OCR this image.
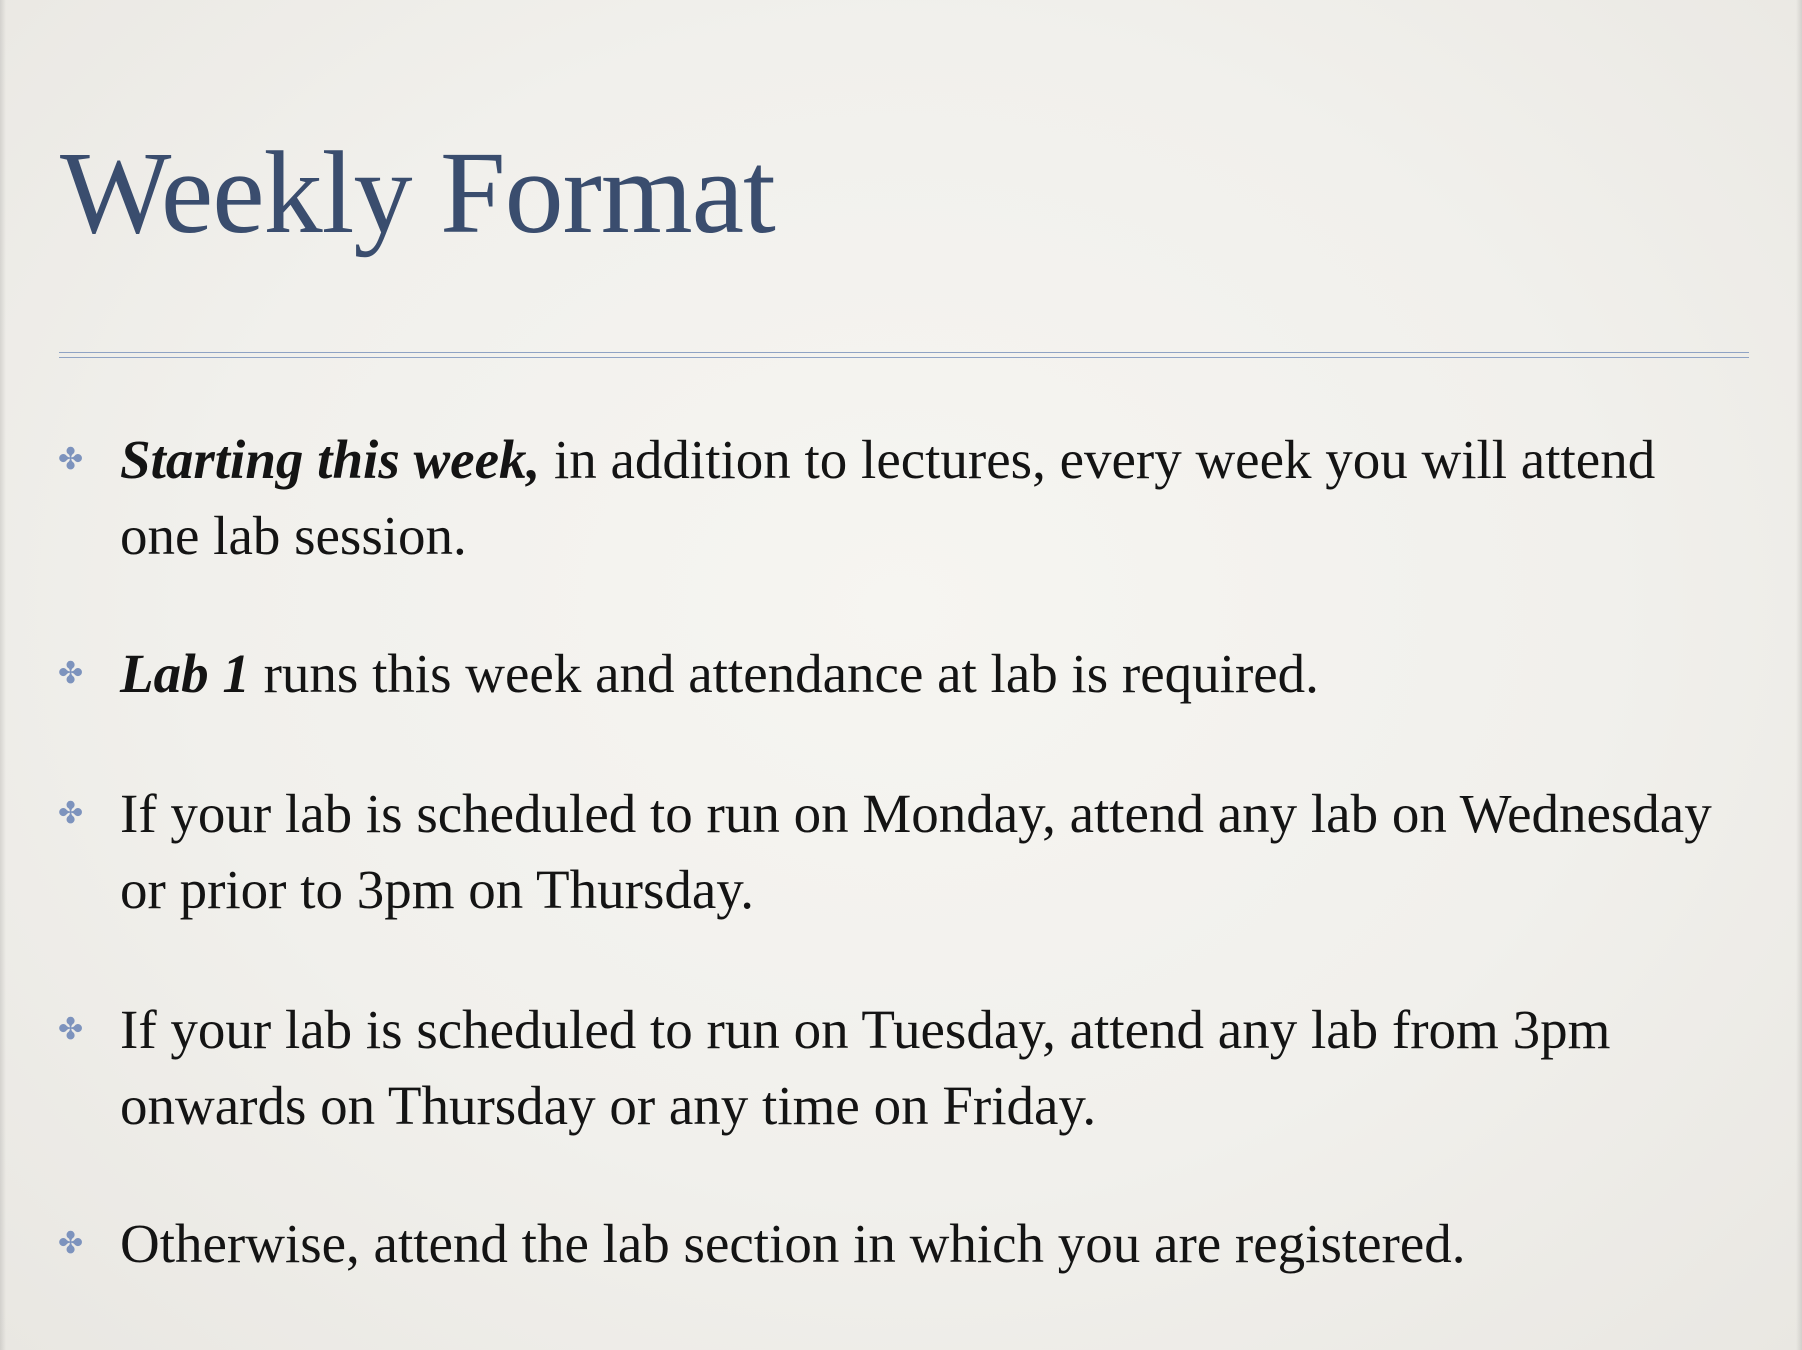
Weekly Format
✤ Starting this week, in addition to lectures, every week you will attend one lab session.
✤ Lab 1 runs this week and attendance at lab is required.
✤ If your lab is scheduled to run on Monday, attend any lab on Wednesday or prior to 3pm on Thursday.
✤ If your lab is scheduled to run on Tuesday, attend any lab from 3pm onwards on Thursday or any time on Friday.
✤ Otherwise, attend the lab section in which you are registered.
